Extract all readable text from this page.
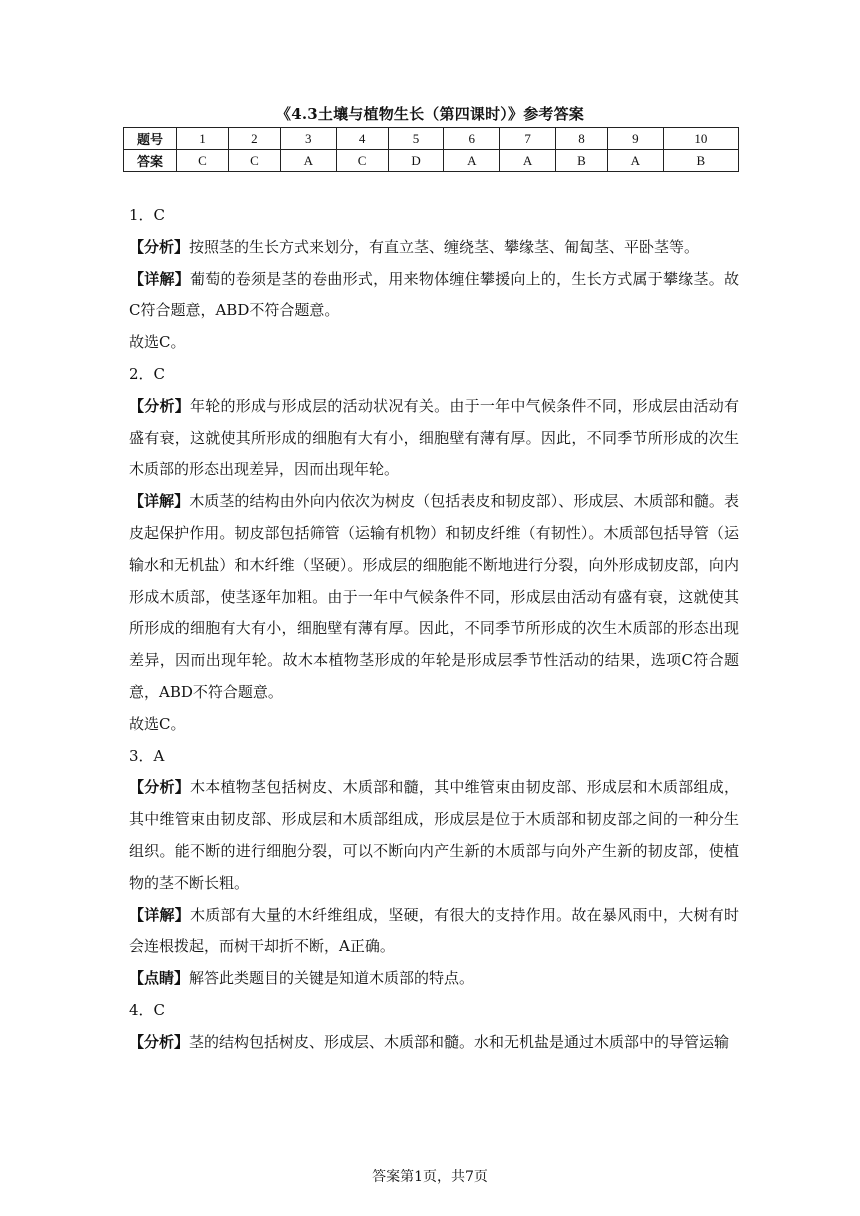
《4.3土壤与植物生长（第四课时）》参考答案
题号	1	2	3	4	5	6	7	8	9	10
答案	C	C	A	C	D	A	A	B	A	B

1．C

【分析】按照茎的生长方式来划分，有直立茎、缠绕茎、攀缘茎、匍匐茎、平卧茎等。

【详解】葡萄的卷须是茎的卷曲形式，用来物体缠住攀援向上的，生长方式属于攀缘茎。故C符合题意，ABD不符合题意。

故选C。

2．C

【分析】年轮的形成与形成层的活动状况有关。由于一年中气候条件不同，形成层由活动有盛有衰，这就使其所形成的细胞有大有小，细胞壁有薄有厚。因此，不同季节所形成的次生木质部的形态出现差异，因而出现年轮。

【详解】木质茎的结构由外向内依次为树皮（包括表皮和韧皮部）、形成层、木质部和髓。表皮起保护作用。韧皮部包括筛管（运输有机物）和韧皮纤维（有韧性）。木质部包括导管（运输水和无机盐）和木纤维（坚硬）。形成层的细胞能不断地进行分裂，向外形成韧皮部，向内形成木质部，使茎逐年加粗。由于一年中气候条件不同，形成层由活动有盛有衰，这就使其所形成的细胞有大有小，细胞壁有薄有厚。因此，不同季节所形成的次生木质部的形态出现差异，因而出现年轮。故木本植物茎形成的年轮是形成层季节性活动的结果，选项C符合题意，ABD不符合题意。

故选C。

3．A

【分析】木本植物茎包括树皮、木质部和髓，其中维管束由韧皮部、形成层和木质部组成，其中维管束由韧皮部、形成层和木质部组成，形成层是位于木质部和韧皮部之间的一种分生组织。能不断的进行细胞分裂，可以不断向内产生新的木质部与向外产生新的韧皮部，使植物的茎不断长粗。

【详解】木质部有大量的木纤维组成，坚硬，有很大的支持作用。故在暴风雨中，大树有时会连根拨起，而树干却折不断，A正确。

【点睛】解答此类题目的关键是知道木质部的特点。

4．C

【分析】茎的结构包括树皮、形成层、木质部和髓。水和无机盐是通过木质部中的导管运输

答案第1页，共7页
